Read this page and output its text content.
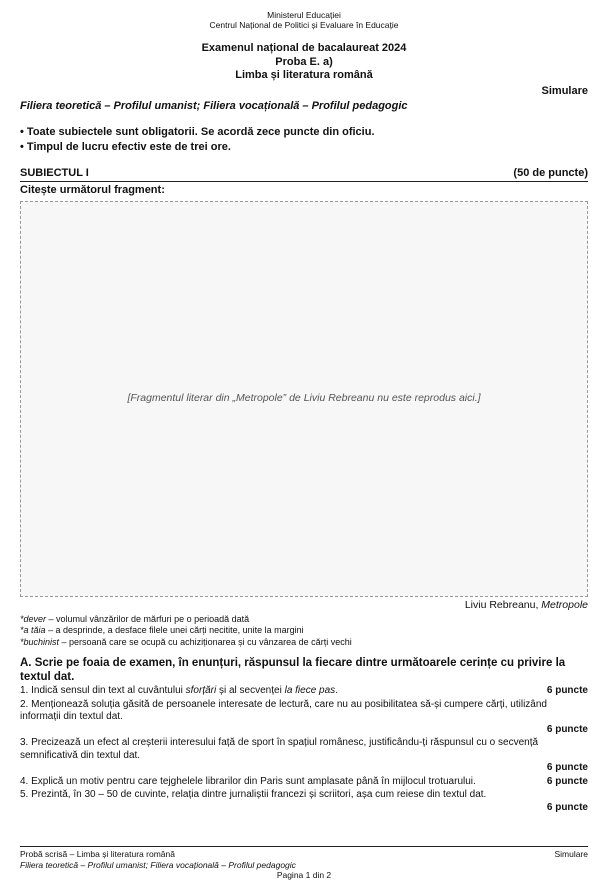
Ministerul Educației
Centrul Național de Politici și Evaluare în Educație
Examenul național de bacalaureat 2024
Proba E. a)
Limba și literatura română
Simulare
Filiera teoretică – Profilul umanist; Filiera vocațională – Profilul pedagogic
• Toate subiectele sunt obligatorii. Se acordă zece puncte din oficiu.
• Timpul de lucru efectiv este de trei ore.
SUBIECTUL I	(50 de puncte)
Citește următorul fragment:
[Fragmentul literar din „Metropole” de Liviu Rebreanu nu este reprodus aici.]
Liviu Rebreanu, Metropole
*dever – volumul vânzărilor de mărfuri pe o perioadă dată
*a tăia – a desprinde, a desface filele unei cărți necitite, unite la margini
*buchinist – persoană care se ocupă cu achiziționarea și cu vânzarea de cărți vechi
A. Scrie pe foaia de examen, în enunțuri, răspunsul la fiecare dintre următoarele cerințe cu privire la textul dat.
1. Indică sensul din text al cuvântului sforțări și al secvenței la fiece pas.	6 puncte
2. Menționează soluția găsită de persoanele interesate de lectură, care nu au posibilitatea să-și cumpere cărți, utilizând informații din textul dat.
6 puncte
3. Precizează un efect al creșterii interesului față de sport în spațiul românesc, justificându-ți răspunsul cu o secvență semnificativă din textul dat.
6 puncte
4. Explică un motiv pentru care tejghelele librarilor din Paris sunt amplasate până în mijlocul trotuarului.	6 puncte
5. Prezintă, în 30 – 50 de cuvinte, relația dintre jurnaliștii francezi și scriitori, așa cum reiese din textul dat.
6 puncte
Probă scrisă – Limba și literatura română	Simulare
Filiera teoretică – Profilul umanist; Filiera vocațională – Profilul pedagogic
Pagina 1 din 2
